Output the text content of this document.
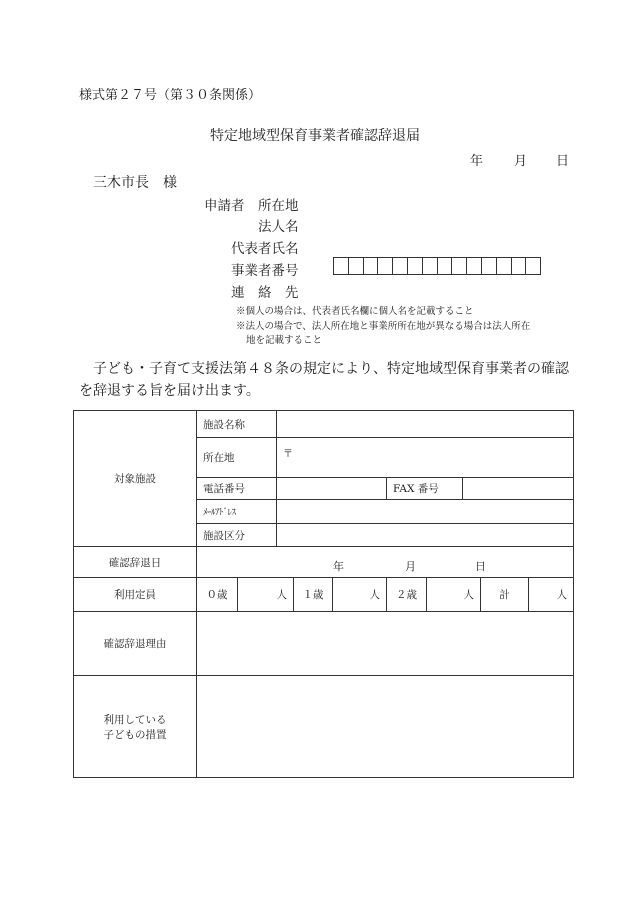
様式第２７号（第３０条関係）
特定地域型保育事業者確認辞退届
年 月 日
三木市長　様
申請者 所在地
法人名
代表者氏名
事業者番号
連　絡　先
※個人の場合は、代表者氏名欄に個人名を記載すること
※法人の場合で、法人所在地と事業所所在地が異なる場合は法人所在
地を記載すること
子ども・子育て支援法第４８条の規定により、特定地域型保育事業者の確認を辞退する旨を届け出ます。
対象施設	施設名称									
	所在地		〒							

	電話番号					FAX 番号				
	ﾒｰﾙｱﾄﾞﾚｽ									
	施設区分									
確認辞退日	年 月 日									

利用定員	０歳	人		１歳	人	２歳	人		計	人
確認辞退理由										

利用している
子どもの措置										
